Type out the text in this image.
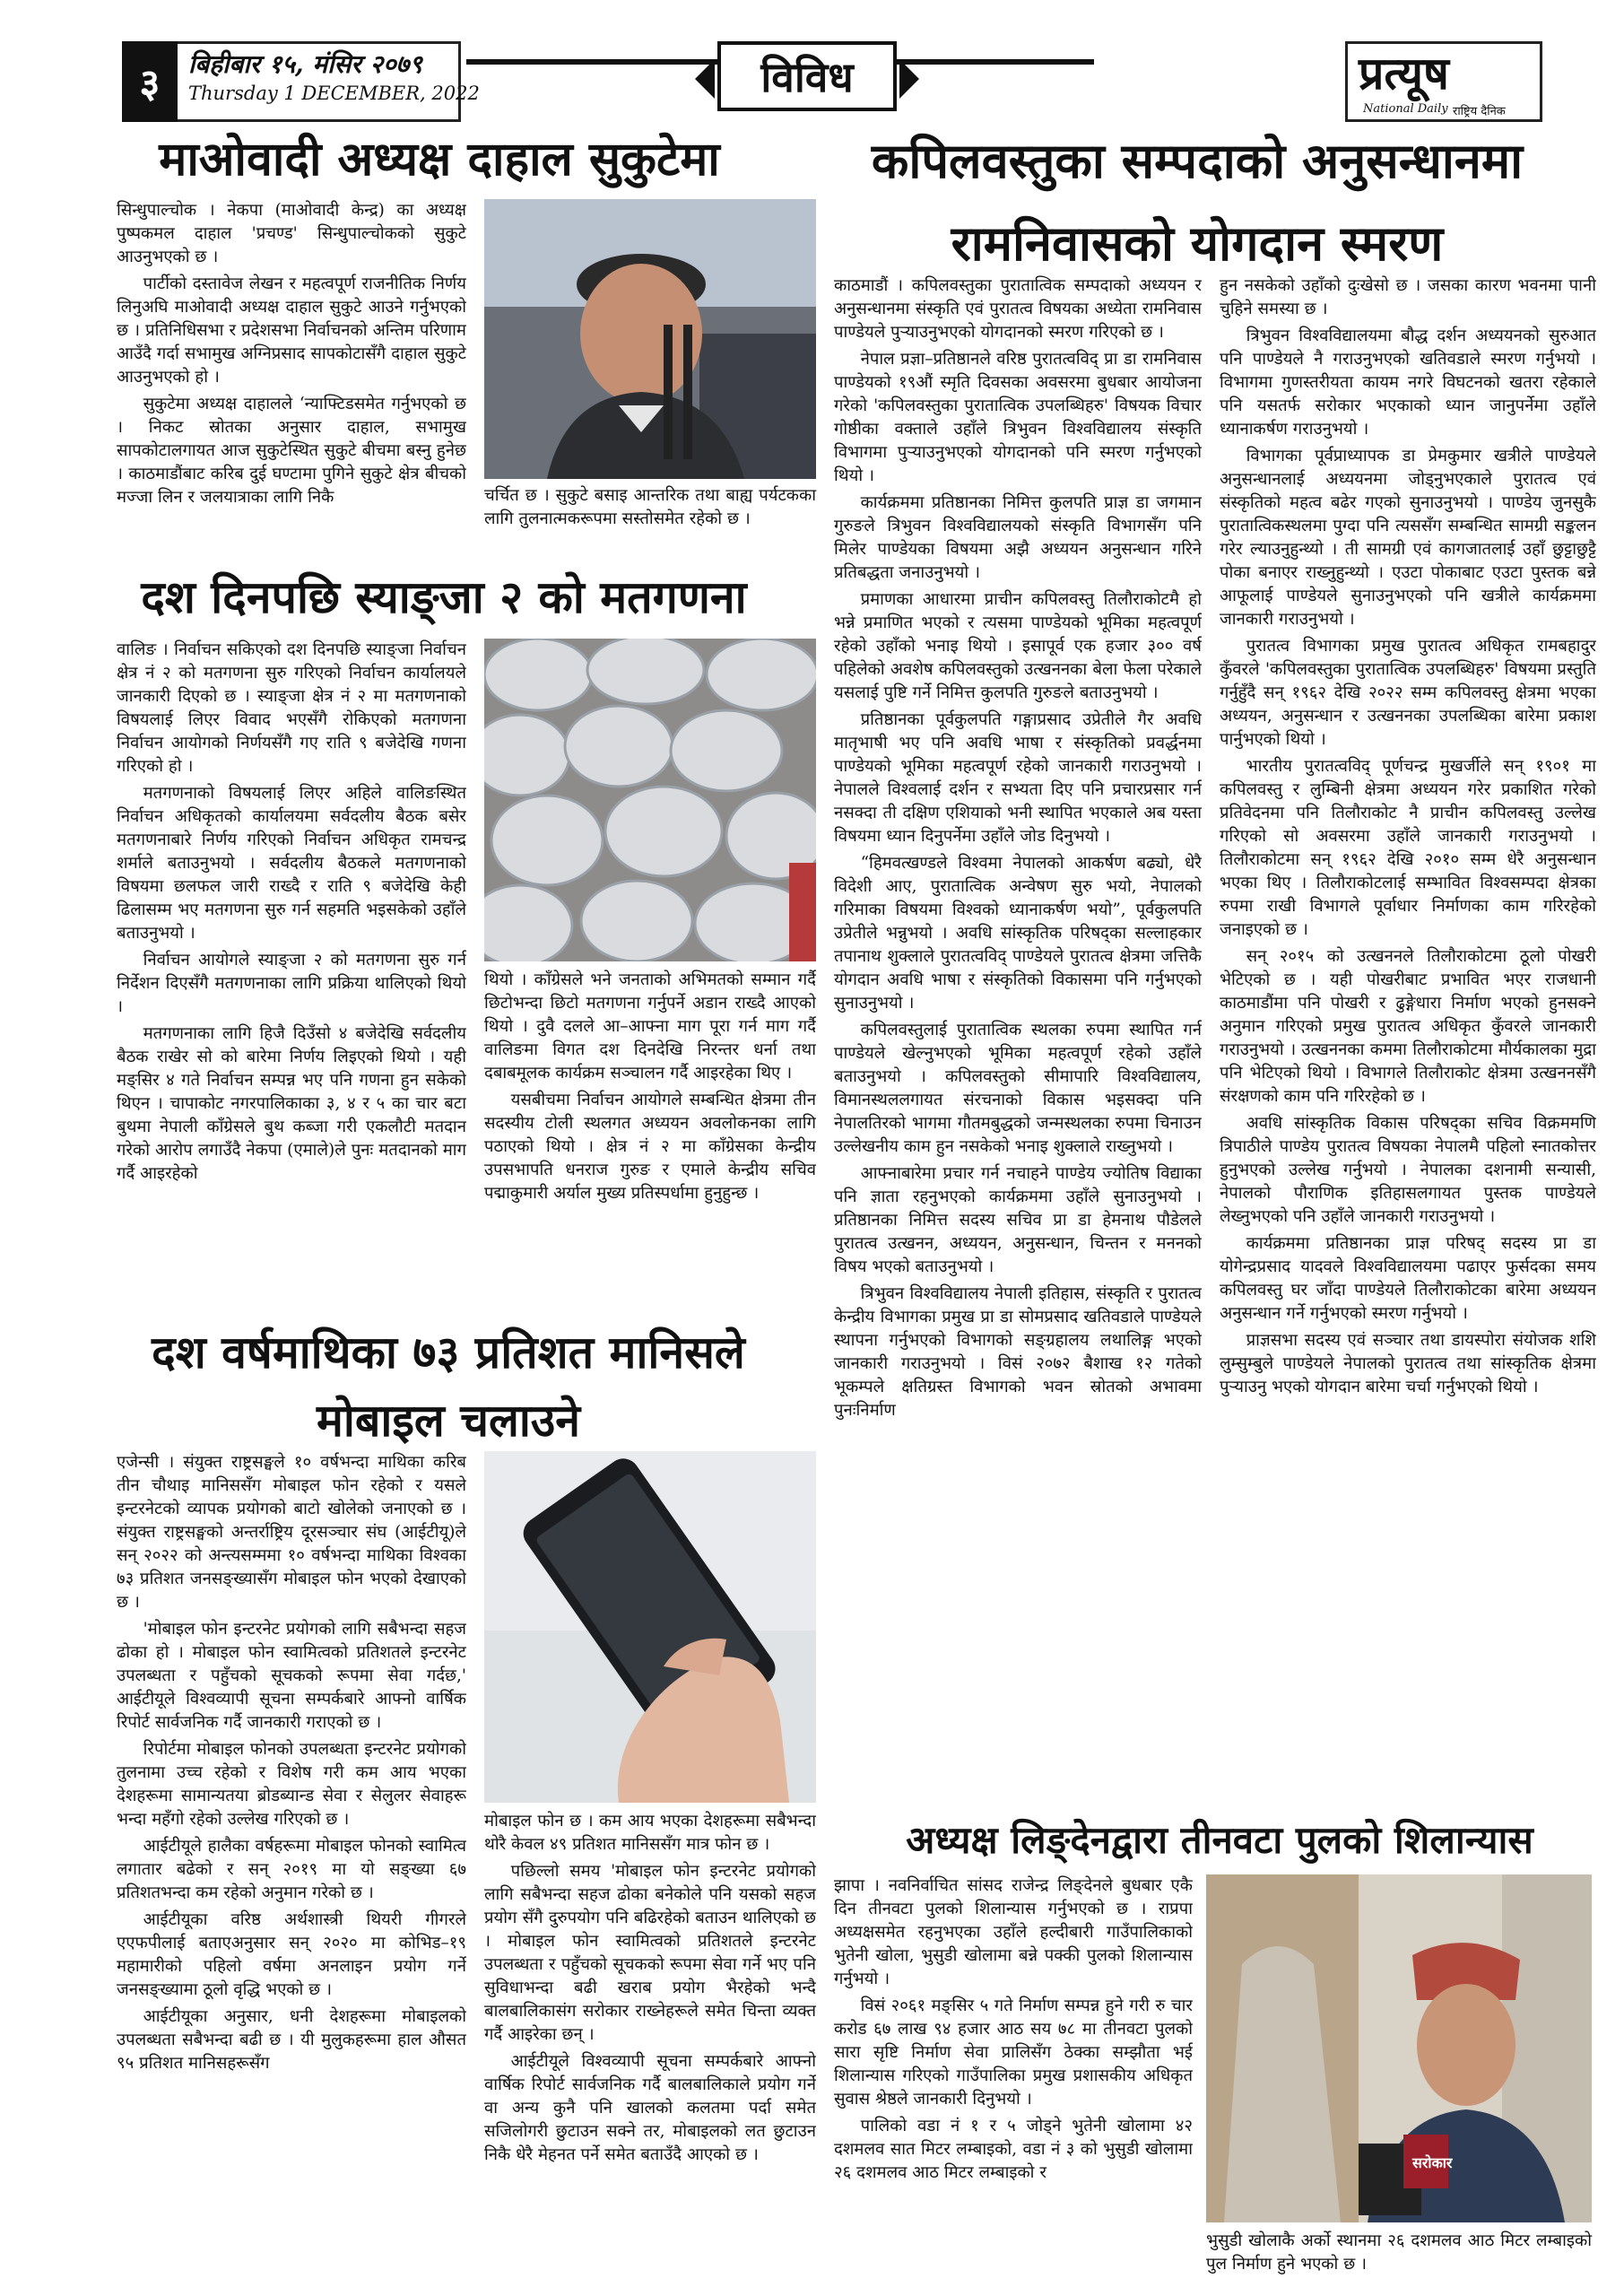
३	बिहीबार १५, मंसिर २०७९
Thursday 1 DECEMBER, 2022	विविध	प्रत्यूष
National Daily राष्ट्रिय दैनिक
माओवादी अध्यक्ष दाहाल सुकुटेमा

सिन्धुपाल्चोक । नेकपा (माओवादी केन्द्र) का अध्यक्ष पुष्पकमल दाहाल 'प्रचण्ड' सिन्धुपाल्चोकको सुकुटे आउनुभएको छ ।

पार्टीको दस्तावेज लेखन र महत्वपूर्ण राजनीतिक निर्णय लिनुअघि माओवादी अध्यक्ष दाहाल सुकुटे आउने गर्नुभएको छ । प्रतिनिधिसभा र प्रदेशसभा निर्वाचनको अन्तिम परिणाम आउँदै गर्दा सभामुख अग्निप्रसाद सापकोटासँगै दाहाल सुकुटे आउनुभएको हो ।

सुकुटेमा अध्यक्ष दाहालले ‘न्याफ्टिडसमेत गर्नुभएको छ । निकट स्रोतका अनुसार दाहाल, सभामुख सापकोटालगायत आज सुकुटेस्थित सुकुटे बीचमा बस्नु हुनेछ । काठमाडौंबाट करिब दुई घण्टामा पुगिने सुकुटे क्षेत्र बीचको मज्जा लिन र जलयात्राका लागि निकै	चर्चित छ । सुकुटे बसाइ आन्तरिक तथा बाह्य पर्यटकका लागि तुलनात्मकरूपमा सस्तोसमेत रहेको छ ।
दश दिनपछि स्याङ्जा २ को मतगणना

वालिङ । निर्वाचन सकिएको दश दिनपछि स्याङ्जा निर्वाचन क्षेत्र नं २ को मतगणना सुरु गरिएको निर्वाचन कार्यालयले जानकारी दिएको छ । स्याङ्जा क्षेत्र नं २ मा मतगणनाको विषयलाई लिएर विवाद भएसँगै रोकिएको मतगणना निर्वाचन आयोगको निर्णयसँगै गए राति ९ बजेदेखि गणना गरिएको हो ।

मतगणनाको विषयलाई लिएर अहिले वालिङस्थित निर्वाचन अधिकृतको कार्यालयमा सर्वदलीय बैठक बसेर मतगणनाबारे निर्णय गरिएको निर्वाचन अधिकृत रामचन्द्र शर्माले बताउनुभयो । सर्वदलीय बैठकले मतगणनाको विषयमा छलफल जारी राख्दै र राति ९ बजेदेखि केही ढिलासम्म भए मतगणना सुरु गर्न सहमति भइसकेको उहाँले बताउनुभयो ।

निर्वाचन आयोगले स्याङ्जा २ को मतगणना सुरु गर्न निर्देशन दिएसँगै मतगणनाका लागि प्रक्रिया थालिएको थियो ।

मतगणनाका लागि हिजै दिउँसो ४ बजेदेखि सर्वदलीय बैठक राखेर सो को बारेमा निर्णय लिइएको थियो । यही मङ्सिर ४ गते निर्वाचन सम्पन्न भए पनि गणना हुन सकेको थिएन । चापाकोट नगरपालिकाका ३, ४ र ५ का चार बटा बुथमा नेपाली काँग्रेसले बुथ कब्जा गरी एकलौटी मतदान गरेको आरोप लगाउँदै नेकपा (एमाले)ले पुनः मतदानको माग गर्दै आइरहेको

थियो । काँग्रेसले भने जनताको अभिमतको सम्मान गर्दै छिटोभन्दा छिटो मतगणना गर्नुपर्ने अडान राख्दै आएको थियो । दुवै दलले आ–आफ्ना माग पूरा गर्न माग गर्दै वालिङमा विगत दश दिनदेखि निरन्तर धर्ना तथा दबाबमूलक कार्यक्रम सञ्चालन गर्दै आइरहेका थिए ।

यसबीचमा निर्वाचन आयोगले सम्बन्धित क्षेत्रमा तीन सदस्यीय टोली स्थलगत अध्ययन अवलोकनका लागि पठाएको थियो । क्षेत्र नं २ मा काँग्रेसका केन्द्रीय उपसभापति धनराज गुरुङ र एमाले केन्द्रीय सचिव पद्माकुमारी अर्याल मुख्य प्रतिस्पर्धामा हुनुहुन्छ ।

दश वर्षमाथिका ७३ प्रतिशत मानिसले
मोबाइल चलाउने

एजेन्सी । संयुक्त राष्ट्रसङ्घले १० वर्षभन्दा माथिका करिब तीन चौथाइ मानिससँग मोबाइल फोन रहेको र यसले इन्टरनेटको व्यापक प्रयोगको बाटो खोलेको जनाएको छ । संयुक्त राष्ट्रसङ्घको अन्तर्राष्ट्रिय दूरसञ्चार संघ (आईटीयू)ले सन् २०२२ को अन्त्यसम्ममा १० वर्षभन्दा माथिका विश्वका ७३ प्रतिशत जनसङ्ख्यासँग मोबाइल फोन भएको देखाएको छ ।

'मोबाइल फोन इन्टरनेट प्रयोगको लागि सबैभन्दा सहज ढोका हो । मोबाइल फोन स्वामित्वको प्रतिशतले इन्टरनेट उपलब्धता र पहुँचको सूचकको रूपमा सेवा गर्दछ,' आईटीयूले विश्वव्यापी सूचना सम्पर्कबारे आफ्नो वार्षिक रिपोर्ट सार्वजनिक गर्दै जानकारी गराएको छ ।

रिपोर्टमा मोबाइल फोनको उपलब्धता इन्टरनेट प्रयोगको तुलनामा उच्च रहेको र विशेष गरी कम आय भएका देशहरूमा सामान्यतया ब्रोडब्यान्ड सेवा र सेलुलर सेवाहरू भन्दा महँगो रहेको उल्लेख गरिएको छ ।

आईटीयूले हालैका वर्षहरूमा मोबाइल फोनको स्वामित्व लगातार बढेको र सन् २०१९ मा यो सङ्ख्या ६७ प्रतिशतभन्दा कम रहेको अनुमान गरेको छ ।

आईटीयूका वरिष्ठ अर्थशास्त्री थियरी गीगरले एएफपीलाई बताएअनुसार सन् २०२० मा कोभिड–१९ महामारीको पहिलो वर्षमा अनलाइन प्रयोग गर्ने जनसङ्ख्यामा ठूलो वृद्धि भएको छ ।

आईटीयूका अनुसार, धनी देशहरूमा मोबाइलको उपलब्धता सबैभन्दा बढी छ । यी मुलुकहरूमा हाल औसत ९५ प्रतिशत मानिसहरूसँग

मोबाइल फोन छ । कम आय भएका देशहरूमा सबैभन्दा थोरै केवल ४९ प्रतिशत मानिससँग मात्र फोन छ ।

पछिल्लो समय 'मोबाइल फोन इन्टरनेट प्रयोगको लागि सबैभन्दा सहज ढोका बनेकोले पनि यसको सहज प्रयोग सँगै दुरुपयोग पनि बढिरहेको बताउन थालिएको छ । मोबाइल फोन स्वामित्वको प्रतिशतले इन्टरनेट उपलब्धता र पहुँचको सूचकको रूपमा सेवा गर्ने भए पनि सुविधाभन्दा बढी खराब प्रयोग भैरहेको भन्दै बालबालिकासंग सरोकार राख्नेहरूले समेत चिन्ता व्यक्त गर्दै आइरेका छन् ।

आईटीयूले विश्वव्यापी सूचना सम्पर्कबारे आफ्नो वार्षिक रिपोर्ट सार्वजनिक गर्दै बालबालिकाले प्रयोग गर्ने वा अन्य कुनै पनि खालको कलतमा पर्दा समेत सजिलोगरी छुटाउन सक्ने तर, मोबाइलको लत छुटाउन निकै धेरै मेहनत पर्ने समेत बताउँदै आएको छ ।

कपिलवस्तुका सम्पदाको अनुसन्धानमा
रामनिवासको योगदान स्मरण

काठमाडौं । कपिलवस्तुका पुरातात्विक सम्पदाको अध्ययन र अनुसन्धानमा संस्कृति एवं पुरातत्व विषयका अध्येता रामनिवास पाण्डेयले पुऱ्याउनुभएको योगदानको स्मरण गरिएको छ ।

नेपाल प्रज्ञा–प्रतिष्ठानले वरिष्ठ पुरातत्वविद् प्रा डा रामनिवास पाण्डेयको १९औं स्मृति दिवसका अवसरमा बुधबार आयोजना गरेको 'कपिलवस्तुका पुरातात्विक उपलब्धिहरु' विषयक विचार गोष्ठीका वक्ताले उहाँले त्रिभुवन विश्वविद्यालय संस्कृति विभागमा पुऱ्याउनुभएको योगदानको पनि स्मरण गर्नुभएको थियो ।

कार्यक्रममा प्रतिष्ठानका निमित्त कुलपति प्राज्ञ डा जगमान गुरुङले त्रिभुवन विश्वविद्यालयको संस्कृति विभागसँग पनि मिलेर पाण्डेयका विषयमा अझै अध्ययन अनुसन्धान गरिने प्रतिबद्धता जनाउनुभयो ।

प्रमाणका आधारमा प्राचीन कपिलवस्तु तिलौराकोटमै हो भन्ने प्रमाणित भएको र त्यसमा पाण्डेयको भूमिका महत्वपूर्ण रहेको उहाँको भनाइ थियो । इसापूर्व एक हजार ३०० वर्ष पहिलेको अवशेष कपिलवस्तुको उत्खननका बेला फेला परेकाले यसलाई पुष्टि गर्ने निमित्त कुलपति गुरुङले बताउनुभयो ।

प्रतिष्ठानका पूर्वकुलपति गङ्गाप्रसाद उप्रेतीले गैर अवधि मातृभाषी भए पनि अवधि भाषा र संस्कृतिको प्रवर्द्धनमा पाण्डेयको भूमिका महत्वपूर्ण रहेको जानकारी गराउनुभयो । नेपालले विश्वलाई दर्शन र सभ्यता दिए पनि प्रचारप्रसार गर्न नसक्दा ती दक्षिण एशियाको भनी स्थापित भएकाले अब यस्ता विषयमा ध्यान दिनुपर्नेमा उहाँले जोड दिनुभयो ।

“हिमवत्खण्डले विश्वमा नेपालको आकर्षण बढ्यो, धेरै विदेशी आए, पुरातात्विक अन्वेषण सुरु भयो, नेपालको गरिमाका विषयमा विश्वको ध्यानाकर्षण भयो”, पूर्वकुलपति उप्रेतीले भन्नुभयो । अवधि सांस्कृतिक परिषद्का सल्लाहकार तपानाथ शुक्लाले पुरातत्वविद् पाण्डेयले पुरातत्व क्षेत्रमा जत्तिकै योगदान अवधि भाषा र संस्कृतिको विकासमा पनि गर्नुभएको सुनाउनुभयो ।

कपिलवस्तुलाई पुरातात्विक स्थलका रुपमा स्थापित गर्न पाण्डेयले खेल्नुभएको भूमिका महत्वपूर्ण रहेको उहाँले बताउनुभयो । कपिलवस्तुको सीमापारि विश्वविद्यालय, विमानस्थललगायत संरचनाको विकास भइसक्दा पनि नेपालतिरको भागमा गौतमबुद्धको जन्मस्थलका रुपमा चिनाउन उल्लेखनीय काम हुन नसकेको भनाइ शुक्लाले राख्नुभयो ।

आफ्नाबारेमा प्रचार गर्न नचाहने पाण्डेय ज्योतिष विद्याका पनि ज्ञाता रहनुभएको कार्यक्रममा उहाँले सुनाउनुभयो । प्रतिष्ठानका निमित्त सदस्य सचिव प्रा डा हेमनाथ पौडेलले पुरातत्व उत्खनन, अध्ययन, अनुसन्धान, चिन्तन र मननको विषय भएको बताउनुभयो ।

त्रिभुवन विश्वविद्यालय नेपाली इतिहास, संस्कृति र पुरातत्व केन्द्रीय विभागका प्रमुख प्रा डा सोमप्रसाद खतिवडाले पाण्डेयले स्थापना गर्नुभएको विभागको सङ्ग्रहालय लथालिङ्ग भएको जानकारी गराउनुभयो । विसं २०७२ बैशाख १२ गतेको भूकम्पले क्षतिग्रस्त विभागको भवन स्रोतको अभावमा पुनःनिर्माण

हुन नसकेको उहाँको दुःखेसो छ । जसका कारण भवनमा पानी चुहिने समस्या छ ।

त्रिभुवन विश्वविद्यालयमा बौद्ध दर्शन अध्ययनको सुरुआत पनि पाण्डेयले नै गराउनुभएको खतिवडाले स्मरण गर्नुभयो । विभागमा गुणस्तरीयता कायम नगरे विघटनको खतरा रहेकाले पनि यसतर्फ सरोकार भएकाको ध्यान जानुपर्नेमा उहाँले ध्यानाकर्षण गराउनुभयो ।

विभागका पूर्वप्राध्यापक डा प्रेमकुमार खत्रीले पाण्डेयले अनुसन्धानलाई अध्ययनमा जोड्नुभएकाले पुरातत्व एवं संस्कृतिको महत्व बढेर गएको सुनाउनुभयो । पाण्डेय जुनसुकै पुरातात्विकस्थलमा पुग्दा पनि त्यससँग सम्बन्धित सामग्री सङ्कलन गरेर ल्याउनुहुन्थ्यो । ती सामग्री एवं कागजातलाई उहाँ छुट्टाछुट्टै पोका बनाएर राख्नुहुन्थ्यो । एउटा पोकाबाट एउटा पुस्तक बन्ने आफूलाई पाण्डेयले सुनाउनुभएको पनि खत्रीले कार्यक्रममा जानकारी गराउनुभयो ।

पुरातत्व विभागका प्रमुख पुरातत्व अधिकृत रामबहादुर कुँवरले 'कपिलवस्तुका पुरातात्विक उपलब्धिहरु' विषयमा प्रस्तुति गर्नुहुँदै सन् १९६२ देखि २०२२ सम्म कपिलवस्तु क्षेत्रमा भएका अध्ययन, अनुसन्धान र उत्खननका उपलब्धिका बारेमा प्रकाश पार्नुभएको थियो ।

भारतीय पुरातत्वविद् पूर्णचन्द्र मुखर्जीले सन् १९०१ मा कपिलवस्तु र लुम्बिनी क्षेत्रमा अध्ययन गरेर प्रकाशित गरेको प्रतिवेदनमा पनि तिलौराकोट नै प्राचीन कपिलवस्तु उल्लेख गरिएको सो अवसरमा उहाँले जानकारी गराउनुभयो । तिलौराकोटमा सन् १९६२ देखि २०१० सम्म धेरै अनुसन्धान भएका थिए । तिलौराकोटलाई सम्भावित विश्वसम्पदा क्षेत्रका रुपमा राखी विभागले पूर्वाधार निर्माणका काम गरिरहेको जनाइएको छ ।

सन् २०१५ को उत्खननले तिलौराकोटमा ठूलो पोखरी भेटिएको छ । यही पोखरीबाट प्रभावित भएर राजधानी काठमाडौंमा पनि पोखरी र ढुङ्गेधारा निर्माण भएको हुनसक्ने अनुमान गरिएको प्रमुख पुरातत्व अधिकृत कुँवरले जानकारी गराउनुभयो । उत्खननका कममा तिलौराकोटमा मौर्यकालका मुद्रा पनि भेटिएको थियो । विभागले तिलौराकोट क्षेत्रमा उत्खननसँगै संरक्षणको काम पनि गरिरहेको छ ।

अवधि सांस्कृतिक विकास परिषद्का सचिव विक्रममणि त्रिपाठीले पाण्डेय पुरातत्व विषयका नेपालमै पहिलो स्नातकोत्तर हुनुभएको उल्लेख गर्नुभयो । नेपालका दशनामी सन्यासी, नेपालको पौराणिक इतिहासलगायत पुस्तक पाण्डेयले लेख्नुभएको पनि उहाँले जानकारी गराउनुभयो ।

कार्यक्रममा प्रतिष्ठानका प्राज्ञ परिषद् सदस्य प्रा डा योगेन्द्रप्रसाद यादवले विश्वविद्यालयमा पढाएर फुर्सदका समय कपिलवस्तु घर जाँदा पाण्डेयले तिलौराकोटका बारेमा अध्ययन अनुसन्धान गर्ने गर्नुभएको स्मरण गर्नुभयो ।

प्राज्ञसभा सदस्य एवं सञ्चार तथा डायस्पोरा संयोजक शशि लुम्सुम्बुले पाण्डेयले नेपालको पुरातत्व तथा सांस्कृतिक क्षेत्रमा पुऱ्याउनु भएको योगदान बारेमा चर्चा गर्नुभएको थियो ।

अध्यक्ष लिङ्देनद्वारा तीनवटा पुलको शिलान्यास

झापा । नवनिर्वाचित सांसद राजेन्द्र लिङ्देनले बुधबार एकै दिन तीनवटा पुलको शिलान्यास गर्नुभएको छ । राप्रपा अध्यक्षसमेत रहनुभएका उहाँले हल्दीबारी गाउँपालिकाको भुतेनी खोला, भुसुडी खोलामा बन्ने पक्की पुलको शिलान्यास गर्नुभयो ।

विसं २०६१ मङ्सिर ५ गते निर्माण सम्पन्न हुने गरी रु चार करोड ६७ लाख ९४ हजार आठ सय ७८ मा तीनवटा पुलको सारा सृष्टि निर्माण सेवा प्रालिसँग ठेक्का सम्झौता भई शिलान्यास गरिएको गाउँपालिका प्रमुख प्रशासकीय अधिकृत सुवास श्रेष्ठले जानकारी दिनुभयो ।

पालिको वडा नं १ र ५ जोड्ने भुतेनी खोलामा ४२ दशमलव सात मिटर लम्बाइको, वडा नं ३ को भुसुडी खोलामा २६ दशमलव आठ मिटर लम्बाइको र

सरोकार
भुसुडी खोलाकै अर्को स्थानमा २६ दशमलव आठ मिटर लम्बाइको पुल निर्माण हुने भएको छ ।
